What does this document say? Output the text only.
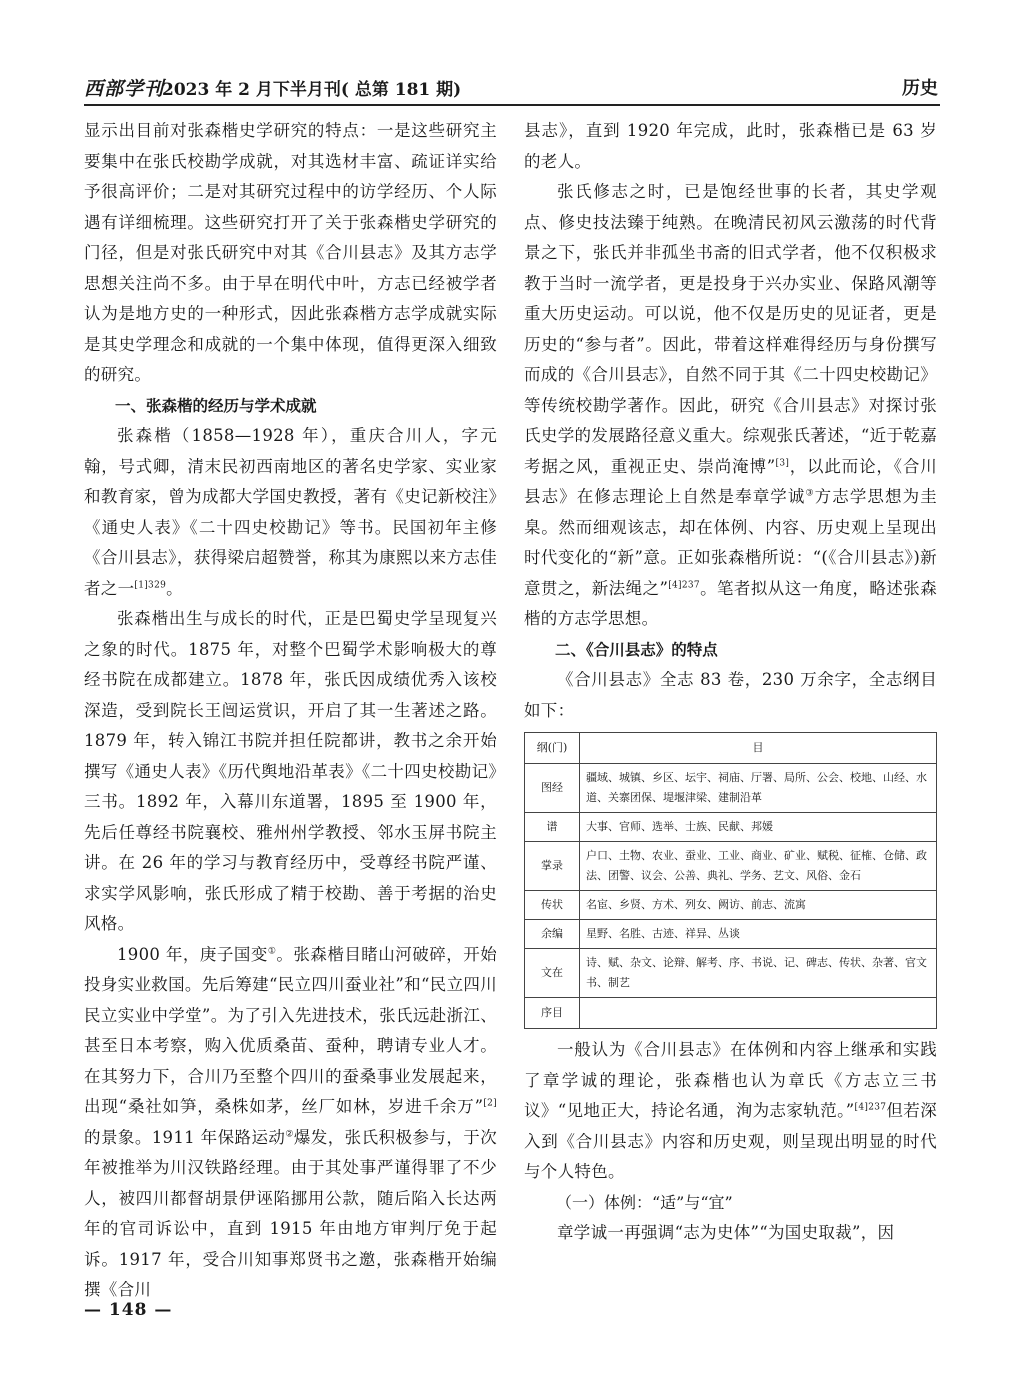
西部学刊
2023 年 2 月下半月刊( 总第 181 期)	历史

显示出目前对张森楷史学研究的特点：一是这些研究主要集中在张氏校勘学成就，对其选材丰富、疏证详实给予很高评价；二是对其研究过程中的访学经历、个人际遇有详细梳理。这些研究打开了关于张森楷史学研究的门径，但是对张氏研究中对其《合川县志》及其方志学思想关注尚不多。由于早在明代中叶，方志已经被学者认为是地方史的一种形式，因此张森楷方志学成就实际是其史学理念和成就的一个集中体现，值得更深入细致的研究。

一、张森楷的经历与学术成就

张森楷（1858—1928 年），重庆合川人，字元翰，号式卿，清末民初西南地区的著名史学家、实业家和教育家，曾为成都大学国史教授，著有《史记新校注》《通史人表》《二十四史校勘记》等书。民国初年主修《合川县志》，获得梁启超赞誉，称其为康熙以来方志佳者之一$^{[1]329}$。

张森楷出生与成长的时代，正是巴蜀史学呈现复兴之象的时代。1875 年，对整个巴蜀学术影响极大的尊经书院在成都建立。1878 年，张氏因成绩优秀入该校深造，受到院长王闿运赏识，开启了其一生著述之路。1879 年，转入锦江书院并担任院都讲，教书之余开始撰写《通史人表》《历代舆地沿革表》《二十四史校勘记》三书。1892 年，入幕川东道署，1895 至 1900 年，先后任尊经书院襄校、雅州州学教授、邻水玉屏书院主讲。在 26 年的学习与教育经历中，受尊经书院严谨、求实学风影响，张氏形成了精于校勘、善于考据的治史风格。

1900 年，庚子国变①。张森楷目睹山河破碎，开始投身实业救国。先后筹建“民立四川蚕业社”和“民立四川民立实业中学堂”。为了引入先进技术，张氏远赴浙江、甚至日本考察，购入优质桑苗、蚕种，聘请专业人才。在其努力下，合川乃至整个四川的蚕桑事业发展起来，出现“桑社如笋，桑株如茅，丝厂如林，岁进千余万”[2]的景象。1911 年保路运动②爆发，张氏积极参与，于次年被推举为川汉铁路经理。由于其处事严谨得罪了不少人，被四川都督胡景伊诬陷挪用公款，随后陷入长达两年的官司诉讼中，直到 1915 年由地方审判厅免于起诉。1917 年，受合川知事郑贤书之邀，张森楷开始编撰《合川

县志》，直到 1920 年完成，此时，张森楷已是 63 岁的老人。

张氏修志之时，已是饱经世事的长者，其史学观点、修史技法臻于纯熟。在晚清民初风云激荡的时代背景之下，张氏并非孤坐书斋的旧式学者，他不仅积极求教于当时一流学者，更是投身于兴办实业、保路风潮等重大历史运动。可以说，他不仅是历史的见证者，更是历史的“参与者”。因此，带着这样难得经历与身份撰写而成的《合川县志》，自然不同于其《二十四史校勘记》等传统校勘学著作。因此，研究《合川县志》对探讨张氏史学的发展路径意义重大。综观张氏著述，“近于乾嘉考据之风，重视正史、崇尚淹博”[3]，以此而论，《合川县志》在修志理论上自然是奉章学诚③方志学思想为圭臬。然而细观该志，却在体例、内容、历史观上呈现出时代变化的“新”意。正如张森楷所说：“(《合川县志》)新意贯之，新法绳之”$^{[4]237}$。笔者拟从这一角度，略述张森楷的方志学思想。

二、《合川县志》的特点

《合川县志》全志 83 卷，230 万余字，全志纲目如下：

纲(门)	目
图经	疆域、城镇、乡区、坛宇、祠庙、厅署、局所、公会、校地、山经、水道、关寨团保、堤堰津梁、建制沿革
谱	大事、官师、选举、士族、民献、邦媛
掌录	户口、土物、农业、蚕业、工业、商业、矿业、赋税、征榷、仓储、政法、团警、议会、公善、典礼、学务、艺文、风俗、金石
传状	名宦、乡贤、方术、列女、阙访、前志、流寓
余编	星野、名胜、古迹、祥异、丛谈
文在	诗、赋、杂文、论辩、解考、序、书说、记、碑志、传状、杂著、官文书、制艺
序目	

一般认为《合川县志》在体例和内容上继承和实践了章学诚的理论，张森楷也认为章氏《方志立三书议》“见地正大，持论名通，洵为志家轨范。”$^{[4]237}$但若深入到《合川县志》内容和历史观，则呈现出明显的时代与个人特色。

（一）体例：“适”与“宜”

章学诚一再强调“志为史体”“为国史取裁”，因

— 148 —
